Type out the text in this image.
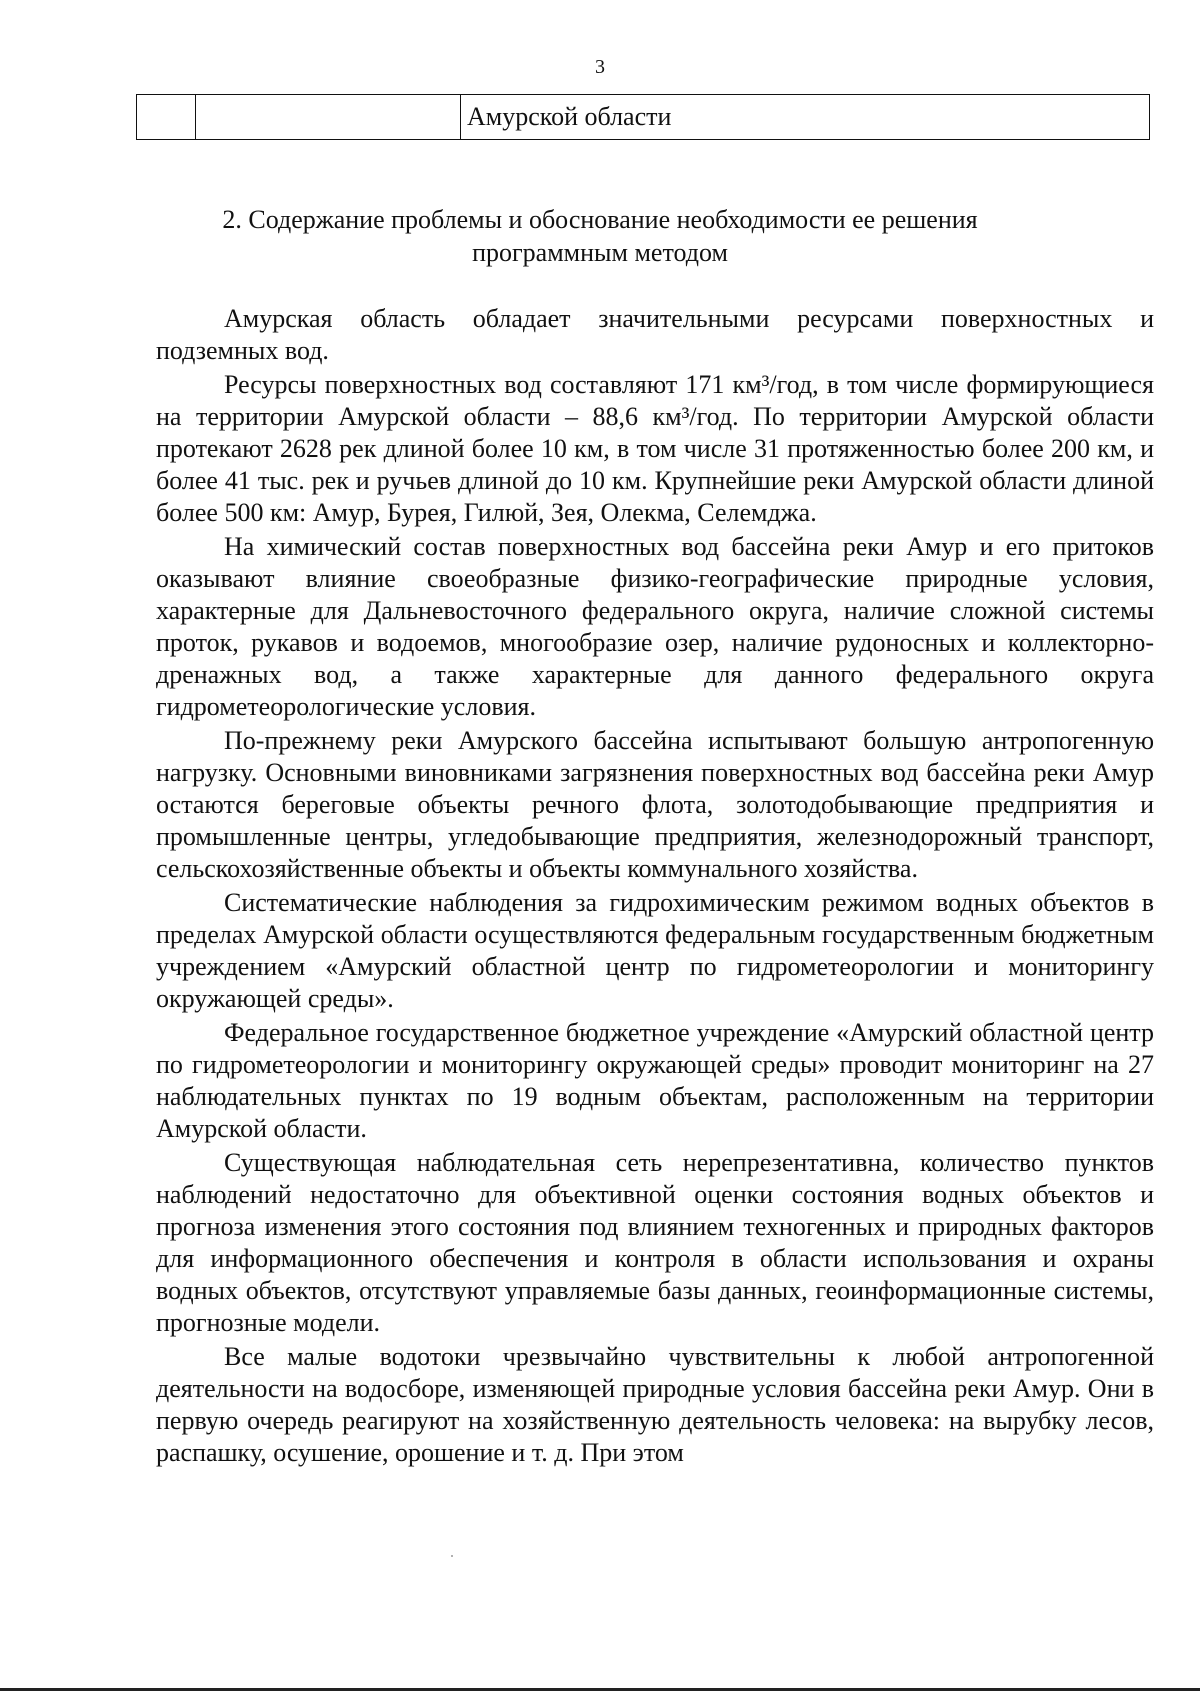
3
		Амурской области
2. Содержание проблемы и обоснование необходимости ее решения
программным методом

Амурская область обладает значительными ресурсами поверхностных и подземных вод.

Ресурсы поверхностных вод составляют 171 км³/год, в том числе формирующиеся на территории Амурской области – 88,6 км³/год. По территории Амурской области протекают 2628 рек длиной более 10 км, в том числе 31 протяженностью более 200 км, и более 41 тыс. рек и ручьев длиной до 10 км. Крупнейшие реки Амурской области длиной более 500 км: Амур, Бурея, Гилюй, Зея, Олекма, Селемджа.

На химический состав поверхностных вод бассейна реки Амур и его притоков оказывают влияние своеобразные физико-географические природные условия, характерные для Дальневосточного федерального округа, наличие сложной системы проток, рукавов и водоемов, многообразие озер, наличие рудоносных и коллекторно-дренажных вод, а также характерные для данного федерального округа гидрометеорологические условия.

По-прежнему реки Амурского бассейна испытывают большую антропогенную нагрузку. Основными виновниками загрязнения поверхностных вод бассейна реки Амур остаются береговые объекты речного флота, золотодобывающие предприятия и промышленные центры, угледобывающие предприятия, железнодорожный транспорт, сельскохозяйственные объекты и объекты коммунального хозяйства.

Систематические наблюдения за гидрохимическим режимом водных объектов в пределах Амурской области осуществляются федеральным государственным бюджетным учреждением «Амурский областной центр по гидрометеорологии и мониторингу окружающей среды».

Федеральное государственное бюджетное учреждение «Амурский областной центр по гидрометеорологии и мониторингу окружающей среды» проводит мониторинг на 27 наблюдательных пунктах по 19 водным объектам, расположенным на территории Амурской области.

Существующая наблюдательная сеть нерепрезентативна, количество пунктов наблюдений недостаточно для объективной оценки состояния водных объектов и прогноза изменения этого состояния под влиянием техногенных и природных факторов для информационного обеспечения и контроля в области использования и охраны водных объектов, отсутствуют управляемые базы данных, геоинформационные системы, прогнозные модели.

Все малые водотоки чрезвычайно чувствительны к любой антропогенной деятельности на водосборе, изменяющей природные условия бассейна реки Амур. Они в первую очередь реагируют на хозяйственную деятельность человека: на вырубку лесов, распашку, осушение, орошение и т. д. При этом
